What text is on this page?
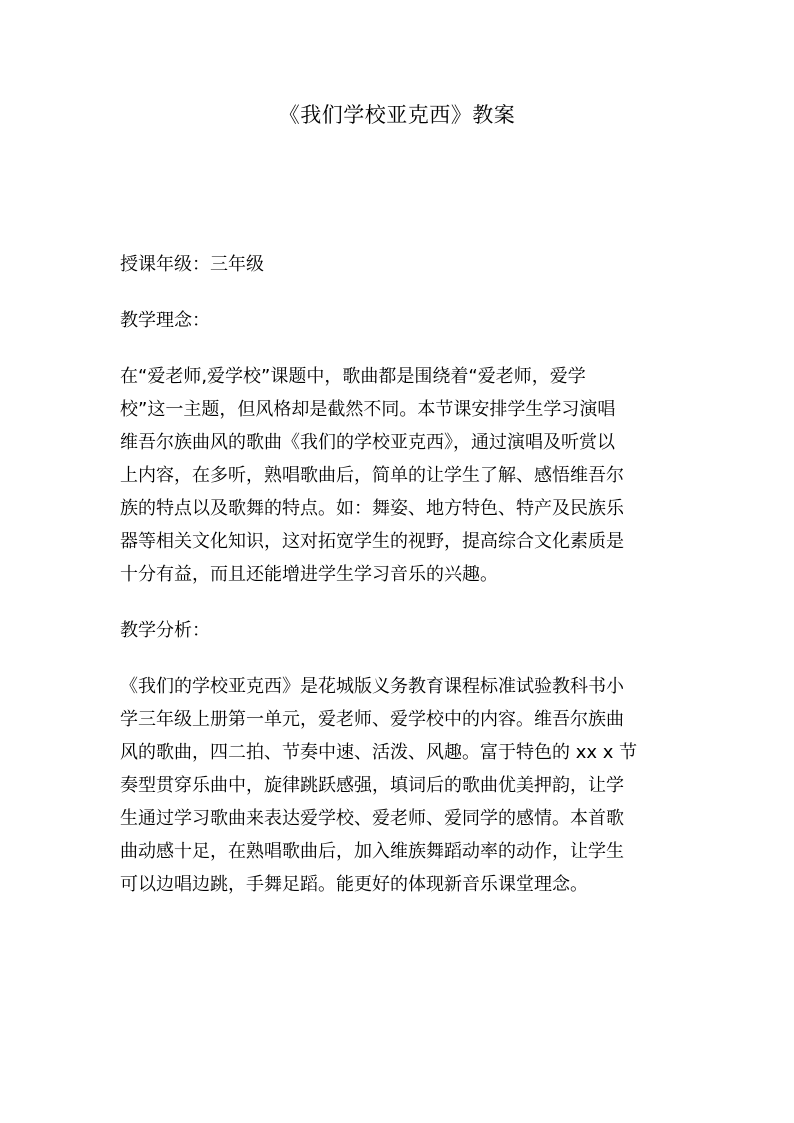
《我们学校亚克西》教案
授课年级：三年级
教学理念：
在“爱老师,爱学校”课题中，歌曲都是围绕着“爱老师，爱学
校”这一主题，但风格却是截然不同。本节课安排学生学习演唱
维吾尔族曲风的歌曲《我们的学校亚克西》，通过演唱及听赏以
上内容，在多听，熟唱歌曲后，简单的让学生了解、感悟维吾尔
族的特点以及歌舞的特点。如：舞姿、地方特色、特产及民族乐
器等相关文化知识，这对拓宽学生的视野，提高综合文化素质是
十分有益，而且还能增进学生学习音乐的兴趣。
教学分析：
《我们的学校亚克西》是花城版义务教育课程标准试验教科书小
学三年级上册第一单元，爱老师、爱学校中的内容。维吾尔族曲
风的歌曲，四二拍、节奏中速、活泼、风趣。富于特色的 xx x 节
奏型贯穿乐曲中，旋律跳跃感强，填词后的歌曲优美押韵，让学
生通过学习歌曲来表达爱学校、爱老师、爱同学的感情。本首歌
曲动感十足，在熟唱歌曲后，加入维族舞蹈动率的动作，让学生
可以边唱边跳，手舞足蹈。能更好的体现新音乐课堂理念。
